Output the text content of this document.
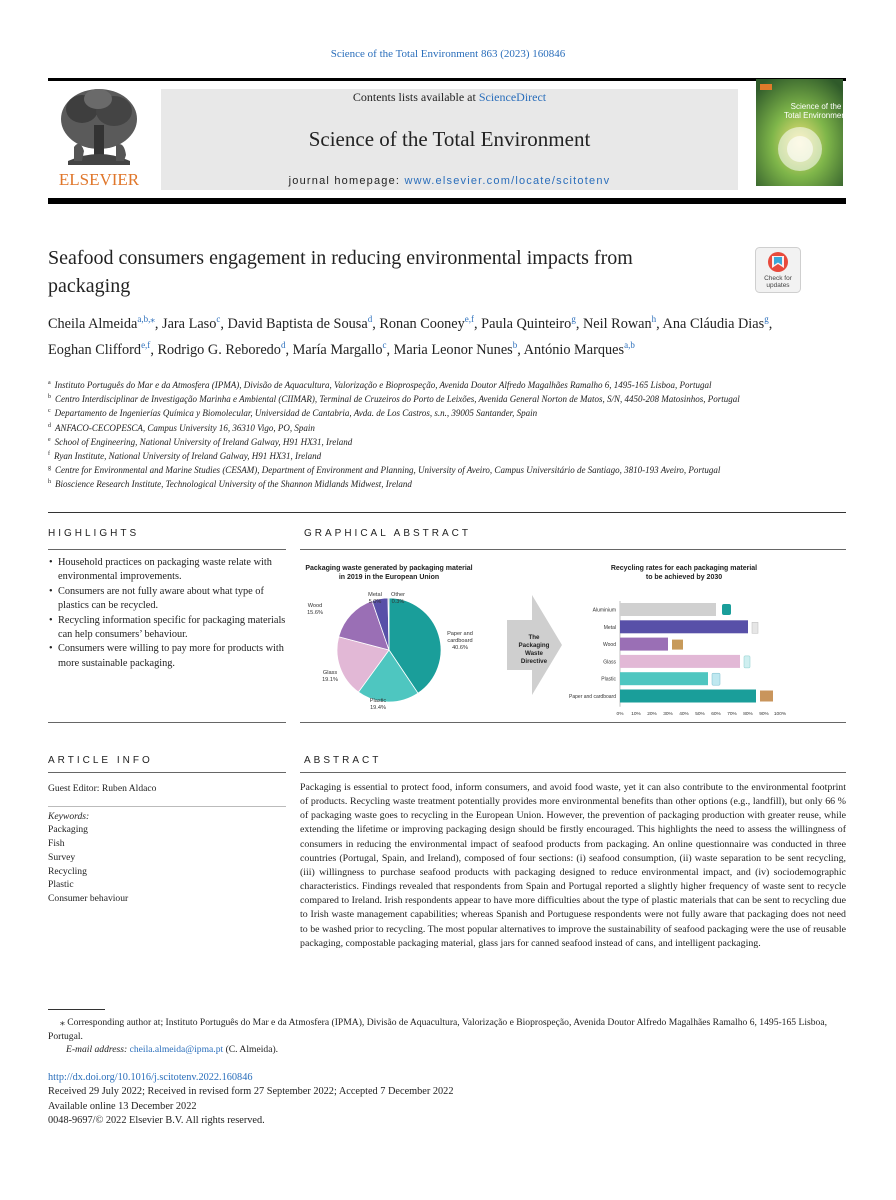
Science of the Total Environment 863 (2023) 160846
ELSEVIER
Contents lists available at ScienceDirect
Science of the Total Environment
journal homepage: www.elsevier.com/locate/scitotenv
Science of the
Total Environment
Seafood consumers engagement in reducing environmental impacts from packaging	Check for
updates
Cheila Almeida$^{a,b,⁎}$, Jara Laso$^c$, David Baptista de Sousa$^d$, Ronan Cooney$^{e,f}$, Paula Quinteiro$^g$, Neil Rowan$^h$, Ana Cláudia Dias$^g$, Eoghan Clifford$^{e,f}$, Rodrigo G. Reboredo$^d$, María Margallo$^c$, Maria Leonor Nunes$^b$, António Marques$^{a,b}$
$^a$ Instituto Português do Mar e da Atmosfera (IPMA), Divisão de Aquacultura, Valorização e Bioprospeção, Avenida Doutor Alfredo Magalhães Ramalho 6, 1495-165 Lisboa, Portugal
$^b$ Centro Interdisciplinar de Investigação Marinha e Ambiental (CIIMAR), Terminal de Cruzeiros do Porto de Leixões, Avenida General Norton de Matos, S/N, 4450-208 Matosinhos, Portugal
$^c$ Departamento de Ingenierías Química y Biomolecular, Universidad de Cantabria, Avda. de Los Castros, s.n., 39005 Santander, Spain
$^d$ ANFACO-CECOPESCA, Campus University 16, 36310 Vigo, PO, Spain
$^e$ School of Engineering, National University of Ireland Galway, H91 HX31, Ireland
$^f$ Ryan Institute, National University of Ireland Galway, H91 HX31, Ireland
$^g$ Centre for Environmental and Marine Studies (CESAM), Department of Environment and Planning, University of Aveiro, Campus Universitário de Santiago, 3810-193 Aveiro, Portugal
$^h$ Bioscience Research Institute, Technological University of the Shannon Midlands Midwest, Ireland
HIGHLIGHTS
• Household practices on packaging waste relate with environmental improvements.
• Consumers are not fully aware about what type of plastics can be recycled.
• Recycling information specific for packaging materials can help consumers’ behaviour.
• Consumers were willing to pay more for products with more sustainable packaging.
GRAPHICAL ABSTRACT
Packaging waste generated by packaging material
in 2019 in the European Union
Paper and
cardboard
40.6%
Plastic
19.4%
Glass
19.1%
Wood
15.6%
Metal
5.0%
Other
0.3%
The
Packaging
Waste
Directive
Recycling rates for each packaging material
to be achieved by 2030
Aluminium
Metal
Wood
Glass
Plastic
Paper and cardboard
0% 10% 20% 30% 40% 50% 60% 70% 80% 90% 100%
ARTICLE INFO
Guest Editor: Ruben Aldaco
Keywords:
Packaging
Fish
Survey
Recycling
Plastic
Consumer behaviour
ABSTRACT
Packaging is essential to protect food, inform consumers, and avoid food waste, yet it can also contribute to the environmental footprint of products. Recycling waste treatment potentially provides more environmental benefits than other options (e.g., landfill), but only 66 % of packaging waste goes to recycling in the European Union. However, the prevention of packaging production with greater reuse, while extending the lifetime or improving packaging design should be firstly encouraged. This highlights the need to assess the willingness of consumers in reducing the environmental impact of seafood products from packaging. An online questionnaire was conducted in three countries (Portugal, Spain, and Ireland), composed of four sections: (i) seafood consumption, (ii) waste separation to be sent recycling, (iii) willingness to purchase seafood products with packaging designed to reduce environmental impact, and (iv) sociodemographic characteristics. Findings revealed that respondents from Spain and Portugal reported a slightly higher frequency of waste sent to recycle compared to Ireland. Irish respondents appear to have more difficulties about the type of plastic materials that can be sent to recycling due to Irish waste management capabilities; whereas Spanish and Portuguese respondents were not fully aware that packaging does not need to be washed prior to recycling. The most popular alternatives to improve the sustainability of seafood packaging were the use of reusable packaging, compostable packaging material, glass jars for canned seafood instead of cans, and intelligent packaging.
⁎ Corresponding author at; Instituto Português do Mar e da Atmosfera (IPMA), Divisão de Aquacultura, Valorização e Bioprospeção, Avenida Doutor Alfredo Magalhães Ramalho 6, 1495-165 Lisboa, Portugal.
E-mail address: cheila.almeida@ipma.pt (C. Almeida).
http://dx.doi.org/10.1016/j.scitotenv.2022.160846
Received 29 July 2022; Received in revised form 27 September 2022; Accepted 7 December 2022
Available online 13 December 2022
0048-9697/© 2022 Elsevier B.V. All rights reserved.
